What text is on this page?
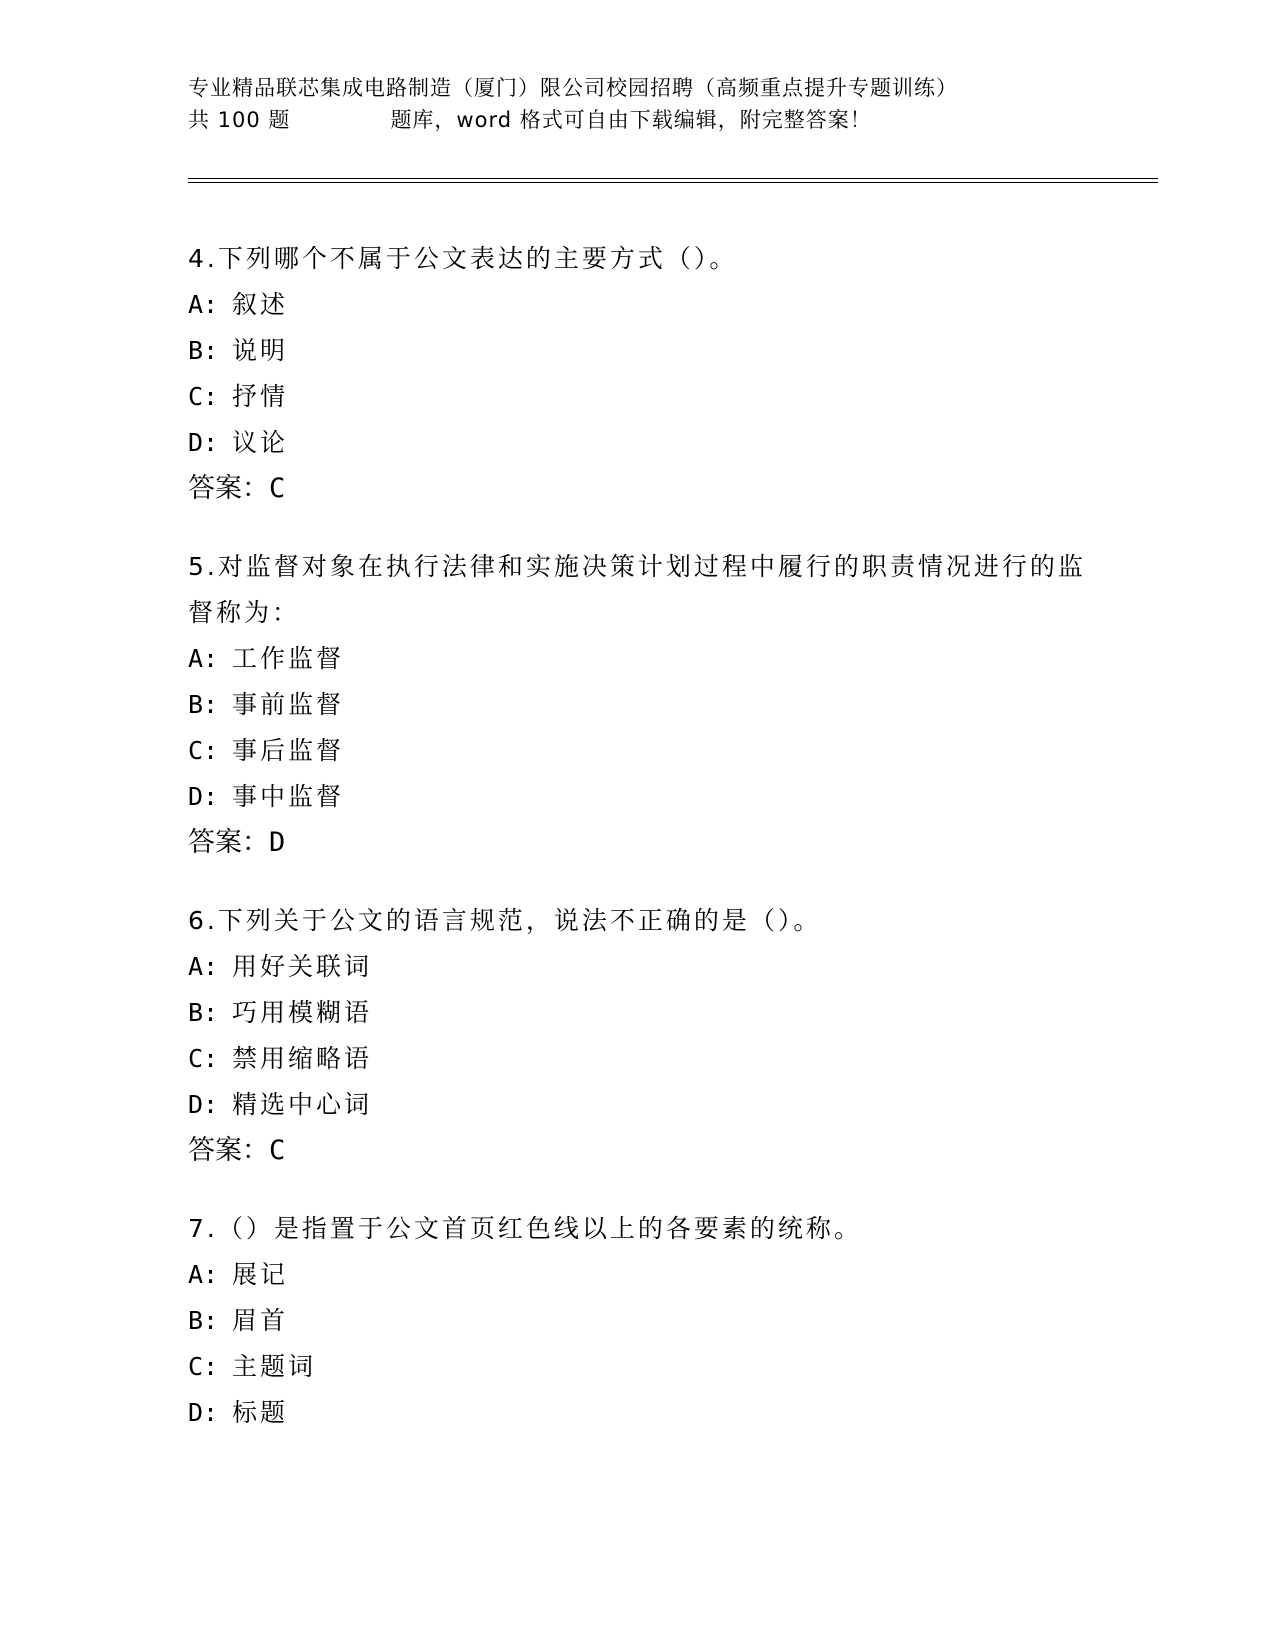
专业精品联芯集成电路制造（厦门）限公司校园招聘（高频重点提升专题训练）
共 100 题	题库，word 格式可自由下载编辑，附完整答案！

4.下列哪个不属于公文表达的主要方式（）。

A: 叙述
B: 说明
C: 抒情
D: 议论
答案：C

5.对监督对象在执行法律和实施决策计划过程中履行的职责情况进行的监督称为：

A: 工作监督
B: 事前监督
C: 事后监督
D: 事中监督
答案：D

6.下列关于公文的语言规范，说法不正确的是（）。

A: 用好关联词
B: 巧用模糊语
C: 禁用缩略语
D: 精选中心词
答案：C

7.（）是指置于公文首页红色线以上的各要素的统称。

A: 展记
B: 眉首
C: 主题词
D: 标题
